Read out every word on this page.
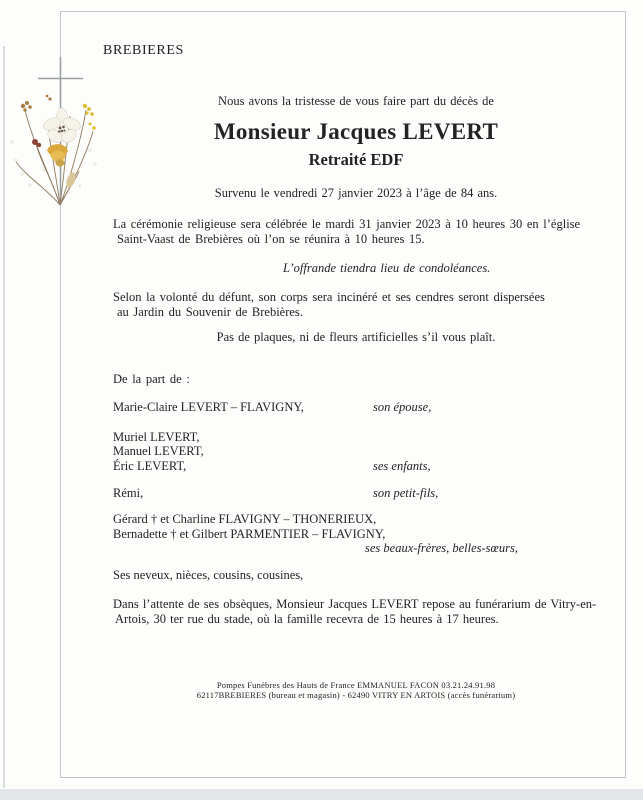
BREBIERES
Nous avons la tristesse de vous faire part du décès de
Monsieur Jacques LEVERT
Retraité EDF
Survenu le vendredi 27 janvier 2023 à l’âge de 84 ans.
La cérémonie religieuse sera célébrée le mardi 31 janvier 2023 à 10 heures 30 en l’église
Saint-Vaast de Brebières où l’on se réunira à 10 heures 15.
L’offrande tiendra lieu de condoléances.
Selon la volonté du défunt, son corps sera incinéré et ses cendres seront dispersées
au Jardin du Souvenir de Brebières.
Pas de plaques, ni de fleurs artificielles s’il vous plaît.
De la part de :
Marie-Claire LEVERT – FLAVIGNY,	son épouse,
Muriel LEVERT,
Manuel LEVERT,
Éric LEVERT,	ses enfants,
Rémi,	son petit-fils,
Gérard † et Charline FLAVIGNY – THONERIEUX,
Bernadette † et Gilbert PARMENTIER – FLAVIGNY,
ses beaux-frères, belles-sœurs,
Ses neveux, nièces, cousins, cousines,
Dans l’attente de ses obsèques, Monsieur Jacques LEVERT repose au funérarium de Vitry-en-
Artois, 30 ter rue du stade, où la famille recevra de 15 heures à 17 heures.
Pompes Funèbres des Hauts de France EMMANUEL FACON 03.21.24.91.98
62117BREBIERES (bureau et magasin) - 62490 VITRY EN ARTOIS (accès funérarium)
